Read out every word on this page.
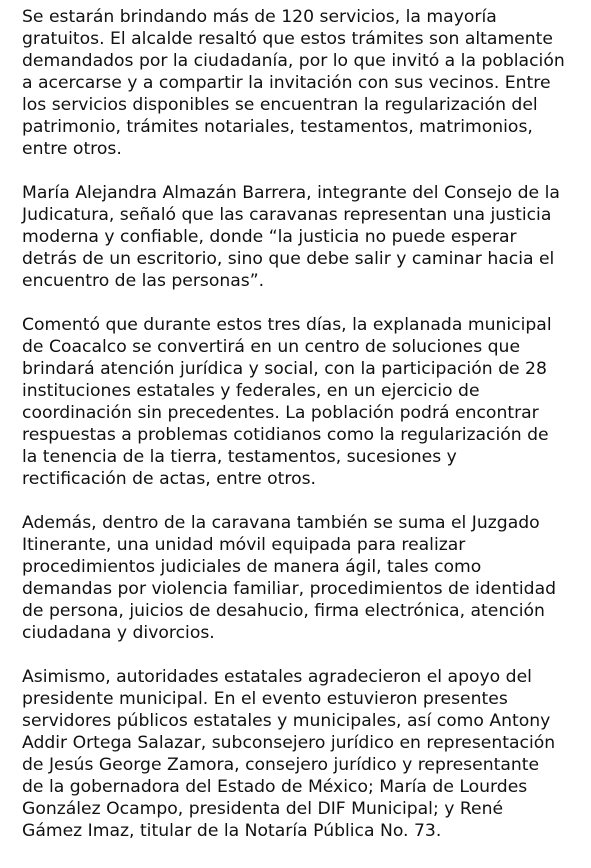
Se estarán brindando más de 120 servicios, la mayoría
gratuitos. El alcalde resaltó que estos trámites son altamente
demandados por la ciudadanía, por lo que invitó a la población
a acercarse y a compartir la invitación con sus vecinos. Entre
los servicios disponibles se encuentran la regularización del
patrimonio, trámites notariales, testamentos, matrimonios,
entre otros.

María Alejandra Almazán Barrera, integrante del Consejo de la
Judicatura, señaló que las caravanas representan una justicia
moderna y confiable, donde “la justicia no puede esperar
detrás de un escritorio, sino que debe salir y caminar hacia el
encuentro de las personas”.

Comentó que durante estos tres días, la explanada municipal
de Coacalco se convertirá en un centro de soluciones que
brindará atención jurídica y social, con la participación de 28
instituciones estatales y federales, en un ejercicio de
coordinación sin precedentes. La población podrá encontrar
respuestas a problemas cotidianos como la regularización de
la tenencia de la tierra, testamentos, sucesiones y
rectificación de actas, entre otros.

Además, dentro de la caravana también se suma el Juzgado
Itinerante, una unidad móvil equipada para realizar
procedimientos judiciales de manera ágil, tales como
demandas por violencia familiar, procedimientos de identidad
de persona, juicios de desahucio, firma electrónica, atención
ciudadana y divorcios.

Asimismo, autoridades estatales agradecieron el apoyo del
presidente municipal. En el evento estuvieron presentes
servidores públicos estatales y municipales, así como Antony
Addir Ortega Salazar, subconsejero jurídico en representación
de Jesús George Zamora, consejero jurídico y representante
de la gobernadora del Estado de México; María de Lourdes
González Ocampo, presidenta del DIF Municipal; y René
Gámez Imaz, titular de la Notaría Pública No. 73.
